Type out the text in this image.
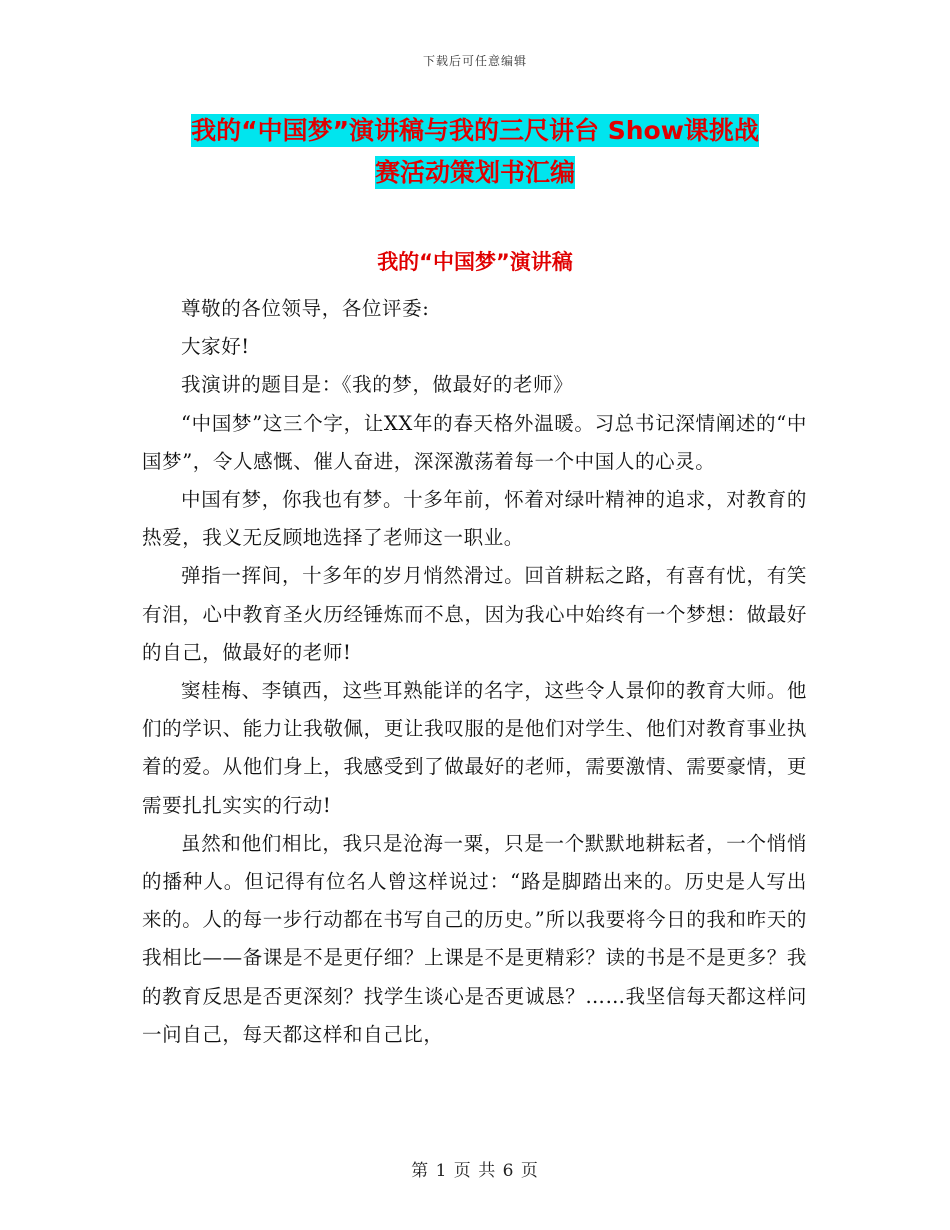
下载后可任意编辑
我的“中国梦”演讲稿与我的三尺讲台 Show课挑战
赛活动策划书汇编
我的“中国梦”演讲稿

尊敬的各位领导，各位评委:

大家好!

我演讲的题目是：《我的梦，做最好的老师》

“中国梦”这三个字，让XX年的春天格外温暖。习总书记深情阐述的“中国梦”，令人感慨、催人奋进，深深激荡着每一个中国人的心灵。

中国有梦，你我也有梦。十多年前，怀着对绿叶精神的追求，对教育的热爱，我义无反顾地选择了老师这一职业。

弹指一挥间，十多年的岁月悄然滑过。回首耕耘之路，有喜有忧，有笑有泪，心中教育圣火历经锤炼而不息，因为我心中始终有一个梦想：做最好的自己，做最好的老师!

窦桂梅、李镇西，这些耳熟能详的名字，这些令人景仰的教育大师。他们的学识、能力让我敬佩，更让我叹服的是他们对学生、他们对教育事业执着的爱。从他们身上，我感受到了做最好的老师，需要激情、需要豪情，更需要扎扎实实的行动!

虽然和他们相比，我只是沧海一粟，只是一个默默地耕耘者，一个悄悄的播种人。但记得有位名人曾这样说过：“路是脚踏出来的。历史是人写出来的。人的每一步行动都在书写自己的历史。”所以我要将今日的我和昨天的我相比——备课是不是更仔细？上课是不是更精彩？读的书是不是更多？我的教育反思是否更深刻？找学生谈心是否更诚恳？……我坚信每天都这样问一问自己，每天都这样和自己比，

第 1 页 共 6 页
